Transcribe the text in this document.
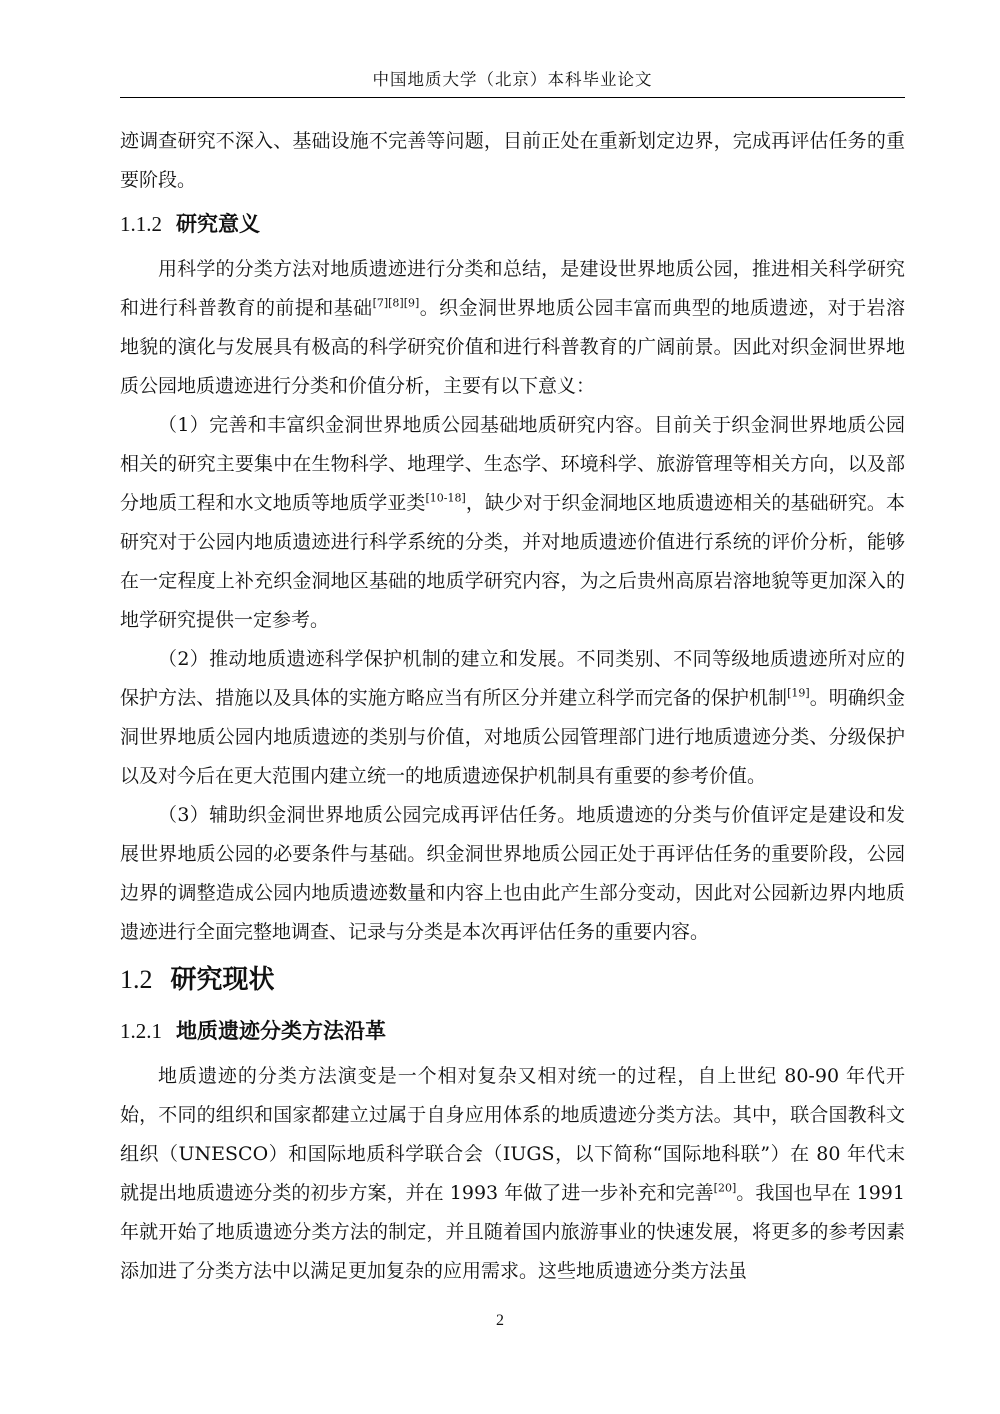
中国地质大学（北京）本科毕业论文

迹调查研究不深入、基础设施不完善等问题，目前正处在重新划定边界，完成再评估任务的重要阶段。

1.1.2 研究意义

用科学的分类方法对地质遗迹进行分类和总结，是建设世界地质公园，推进相关科学研究和进行科普教育的前提和基础[7][8][9]。织金洞世界地质公园丰富而典型的地质遗迹，对于岩溶地貌的演化与发展具有极高的科学研究价值和进行科普教育的广阔前景。因此对织金洞世界地质公园地质遗迹进行分类和价值分析，主要有以下意义：

（1）完善和丰富织金洞世界地质公园基础地质研究内容。目前关于织金洞世界地质公园相关的研究主要集中在生物科学、地理学、生态学、环境科学、旅游管理等相关方向，以及部分地质工程和水文地质等地质学亚类[10-18]，缺少对于织金洞地区地质遗迹相关的基础研究。本研究对于公园内地质遗迹进行科学系统的分类，并对地质遗迹价值进行系统的评价分析，能够在一定程度上补充织金洞地区基础的地质学研究内容，为之后贵州高原岩溶地貌等更加深入的地学研究提供一定参考。

（2）推动地质遗迹科学保护机制的建立和发展。不同类别、不同等级地质遗迹所对应的保护方法、措施以及具体的实施方略应当有所区分并建立科学而完备的保护机制[19]。明确织金洞世界地质公园内地质遗迹的类别与价值，对地质公园管理部门进行地质遗迹分类、分级保护以及对今后在更大范围内建立统一的地质遗迹保护机制具有重要的参考价值。

（3）辅助织金洞世界地质公园完成再评估任务。地质遗迹的分类与价值评定是建设和发展世界地质公园的必要条件与基础。织金洞世界地质公园正处于再评估任务的重要阶段，公园边界的调整造成公园内地质遗迹数量和内容上也由此产生部分变动，因此对公园新边界内地质遗迹进行全面完整地调查、记录与分类是本次再评估任务的重要内容。

1.2 研究现状
1.2.1 地质遗迹分类方法沿革

地质遗迹的分类方法演变是一个相对复杂又相对统一的过程，自上世纪 80-90 年代开始，不同的组织和国家都建立过属于自身应用体系的地质遗迹分类方法。其中，联合国教科文组织（UNESCO）和国际地质科学联合会（IUGS，以下简称“国际地科联”）在 80 年代末就提出地质遗迹分类的初步方案，并在 1993 年做了进一步补充和完善[20]。我国也早在 1991 年就开始了地质遗迹分类方法的制定，并且随着国内旅游事业的快速发展，将更多的参考因素添加进了分类方法中以满足更加复杂的应用需求。这些地质遗迹分类方法虽

2
